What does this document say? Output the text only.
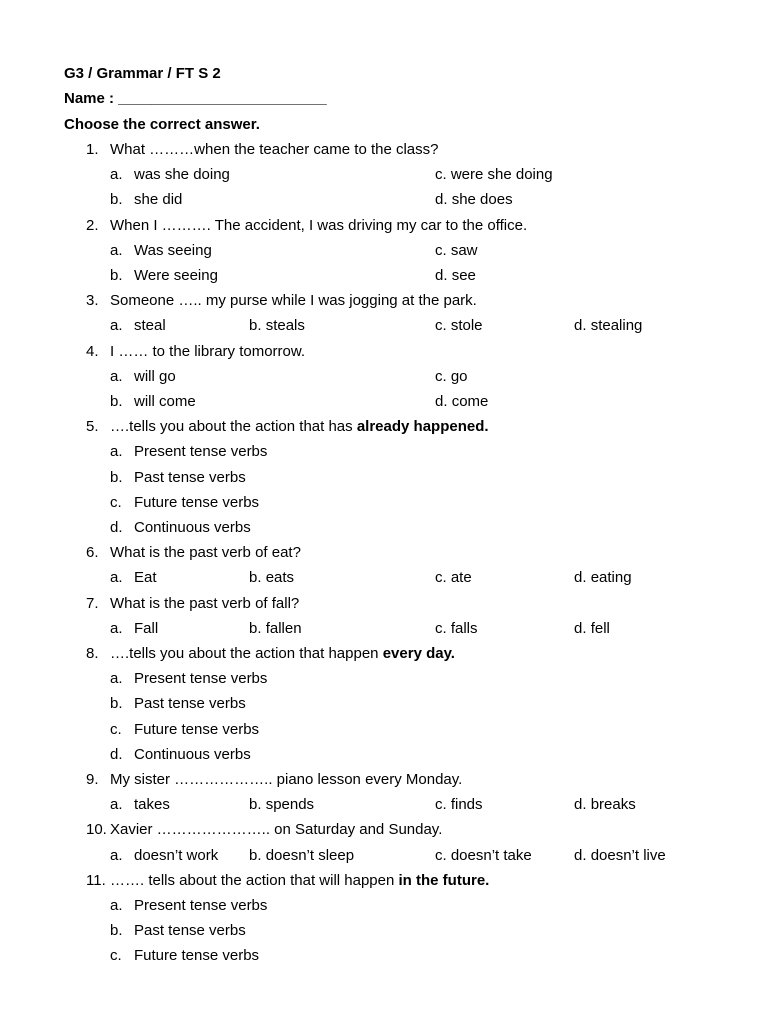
G3 / Grammar / FT S 2
Name : _________________________
Choose the correct answer.
1. What ………when the teacher came to the class?
a. was she doing	c. were she doing
b. she did	d. she does
2. When I ………. The accident, I was driving my car to the office.
a. Was seeing	c. saw
b. Were seeing	d. see
3. Someone ….. my purse while I was jogging at the park.
a. steal	b. steals	c. stole	d. stealing
4. I …… to the library tomorrow.
a. will go	c. go
b. will come	d. come
5. ….tells you about the action that has already happened.
a. Present tense verbs
b. Past tense verbs
c. Future tense verbs
d. Continuous verbs
6. What is the past verb of eat?
a. Eat	b. eats	c. ate	d. eating
7. What is the past verb of fall?
a. Fall	b. fallen	c. falls	d. fell
8. ….tells you about the action that happen every day.
a. Present tense verbs
b. Past tense verbs
c. Future tense verbs
d. Continuous verbs
9. My sister ……………….. piano lesson every Monday.
a. takes	b. spends	c. finds	d. breaks
10. Xavier ………………….. on Saturday and Sunday.
a. doesn’t work b. doesn’t sleep	c. doesn’t take	d. doesn’t live
11. ……. tells about the action that will happen in the future.
a. Present tense verbs
b. Past tense verbs
c. Future tense verbs
